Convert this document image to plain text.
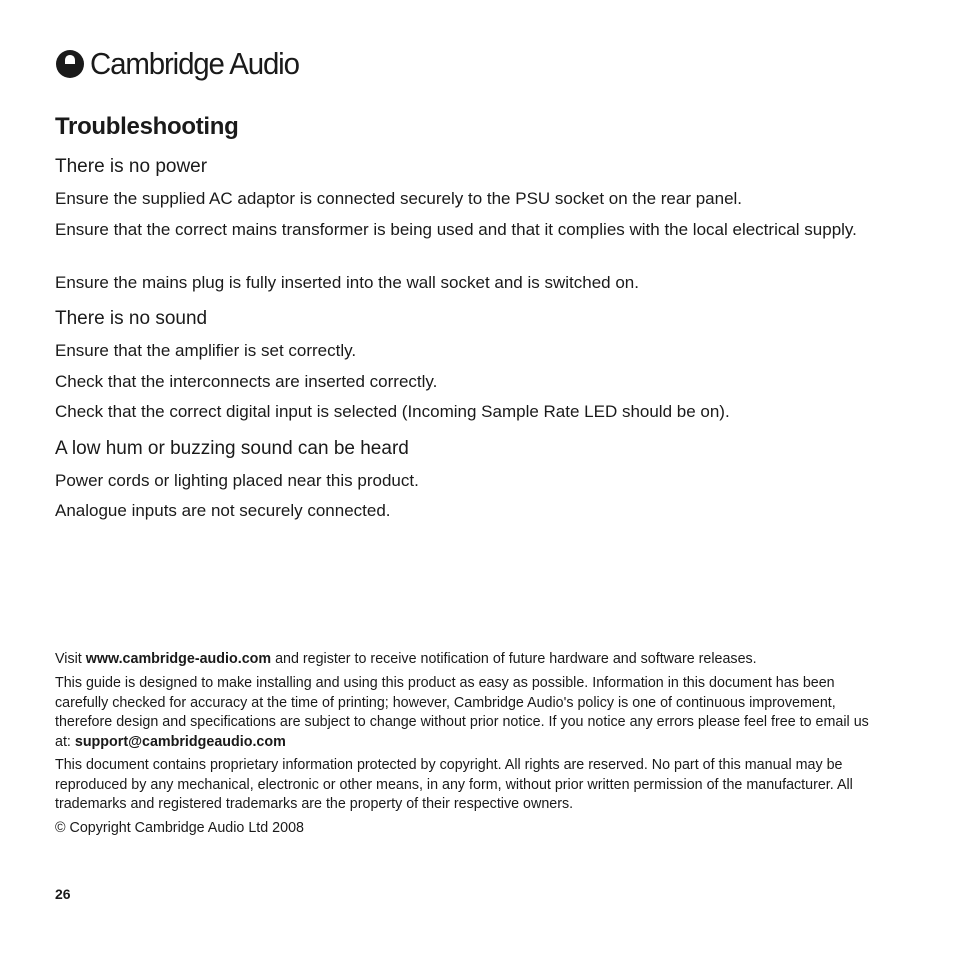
Cambridge Audio
Troubleshooting
There is no power

Ensure the supplied AC adaptor is connected securely to the PSU socket on the rear panel.

Ensure that the correct mains transformer is being used and that it complies with the local electrical supply.

Ensure the mains plug is fully inserted into the wall socket and is switched on.

There is no sound

Ensure that the amplifier is set correctly.

Check that the interconnects are inserted correctly.

Check that the correct digital input is selected (Incoming Sample Rate LED should be on).

A low hum or buzzing sound can be heard

Power cords or lighting placed near this product.

Analogue inputs are not securely connected.

Visit www.cambridge-audio.com and register to receive notification of future hardware and software releases.

This guide is designed to make installing and using this product as easy as possible. Information in this document has been carefully checked for accuracy at the time of printing; however, Cambridge Audio's policy is one of continuous improvement, therefore design and specifications are subject to change without prior notice. If you notice any errors please feel free to email us at: support@cambridgeaudio.com

This document contains proprietary information protected by copyright. All rights are reserved. No part of this manual may be reproduced by any mechanical, electronic or other means, in any form, without prior written permission of the manufacturer. All trademarks and registered trademarks are the property of their respective owners.

© Copyright Cambridge Audio Ltd 2008

26
